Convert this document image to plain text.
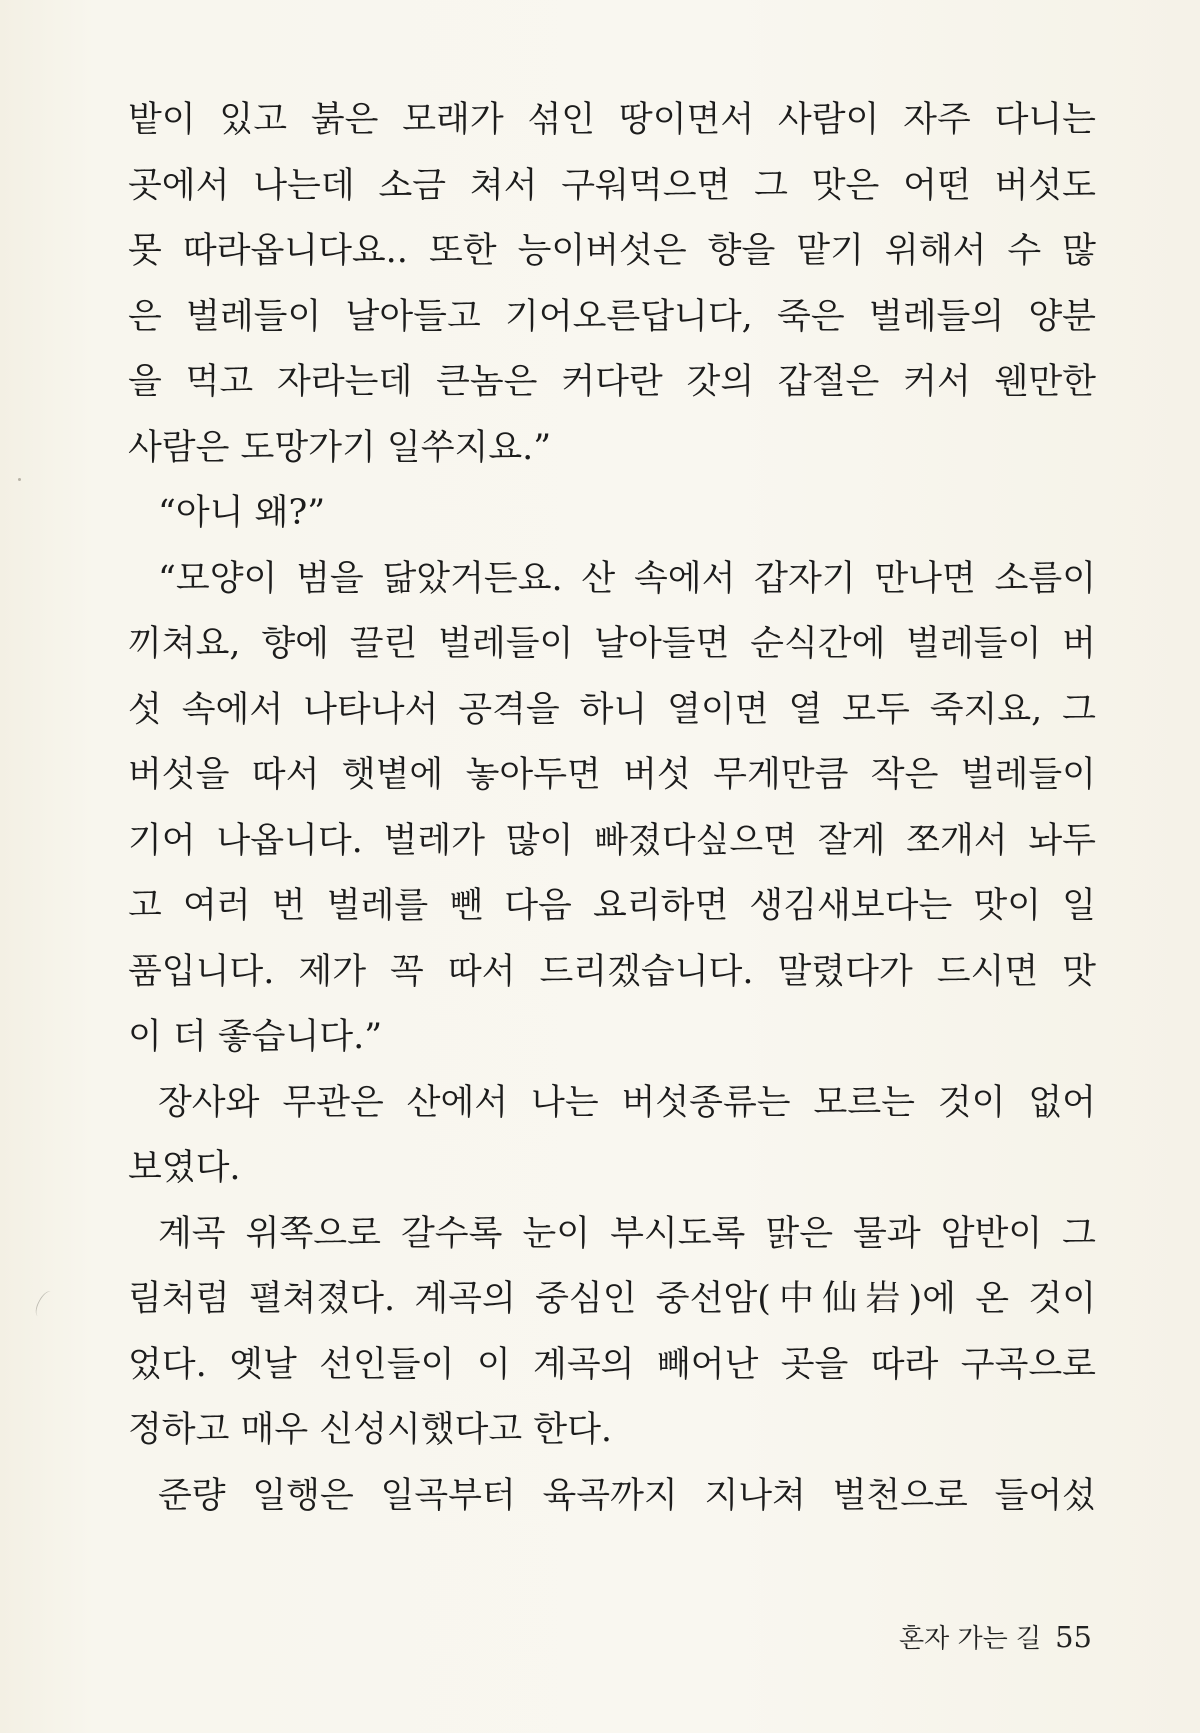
밭이 있고 붉은 모래가 섞인 땅이면서 사람이 자주 다니는
곳에서 나는데 소금 쳐서 구워먹으면 그 맛은 어떤 버섯도
못 따라옵니다요.. 또한 능이버섯은 향을 맡기 위해서 수 많
은 벌레들이 날아들고 기어오른답니다, 죽은 벌레들의 양분
을 먹고 자라는데 큰놈은 커다란 갓의 갑절은 커서 웬만한
사람은 도망가기 일쑤지요.”
“아니 왜?”
“모양이 범을 닮았거든요. 산 속에서 갑자기 만나면 소름이
끼쳐요, 향에 끌린 벌레들이 날아들면 순식간에 벌레들이 버
섯 속에서 나타나서 공격을 하니 열이면 열 모두 죽지요, 그
버섯을 따서 햇볕에 놓아두면 버섯 무게만큼 작은 벌레들이
기어 나옵니다. 벌레가 많이 빠졌다싶으면 잘게 쪼개서 놔두
고 여러 번 벌레를 뺀 다음 요리하면 생김새보다는 맛이 일
품입니다. 제가 꼭 따서 드리겠습니다. 말렸다가 드시면 맛
이 더 좋습니다.”
장사와 무관은 산에서 나는 버섯종류는 모르는 것이 없어
보였다.
계곡 위쪽으로 갈수록 눈이 부시도록 맑은 물과 암반이 그
림처럼 펼쳐졌다. 계곡의 중심인 중선암(中仙岩)에 온 것이
었다. 옛날 선인들이 이 계곡의 빼어난 곳을 따라 구곡으로
정하고 매우 신성시했다고 한다.
준량 일행은 일곡부터 육곡까지 지나쳐 벌천으로 들어섰
혼자 가는 길 55
